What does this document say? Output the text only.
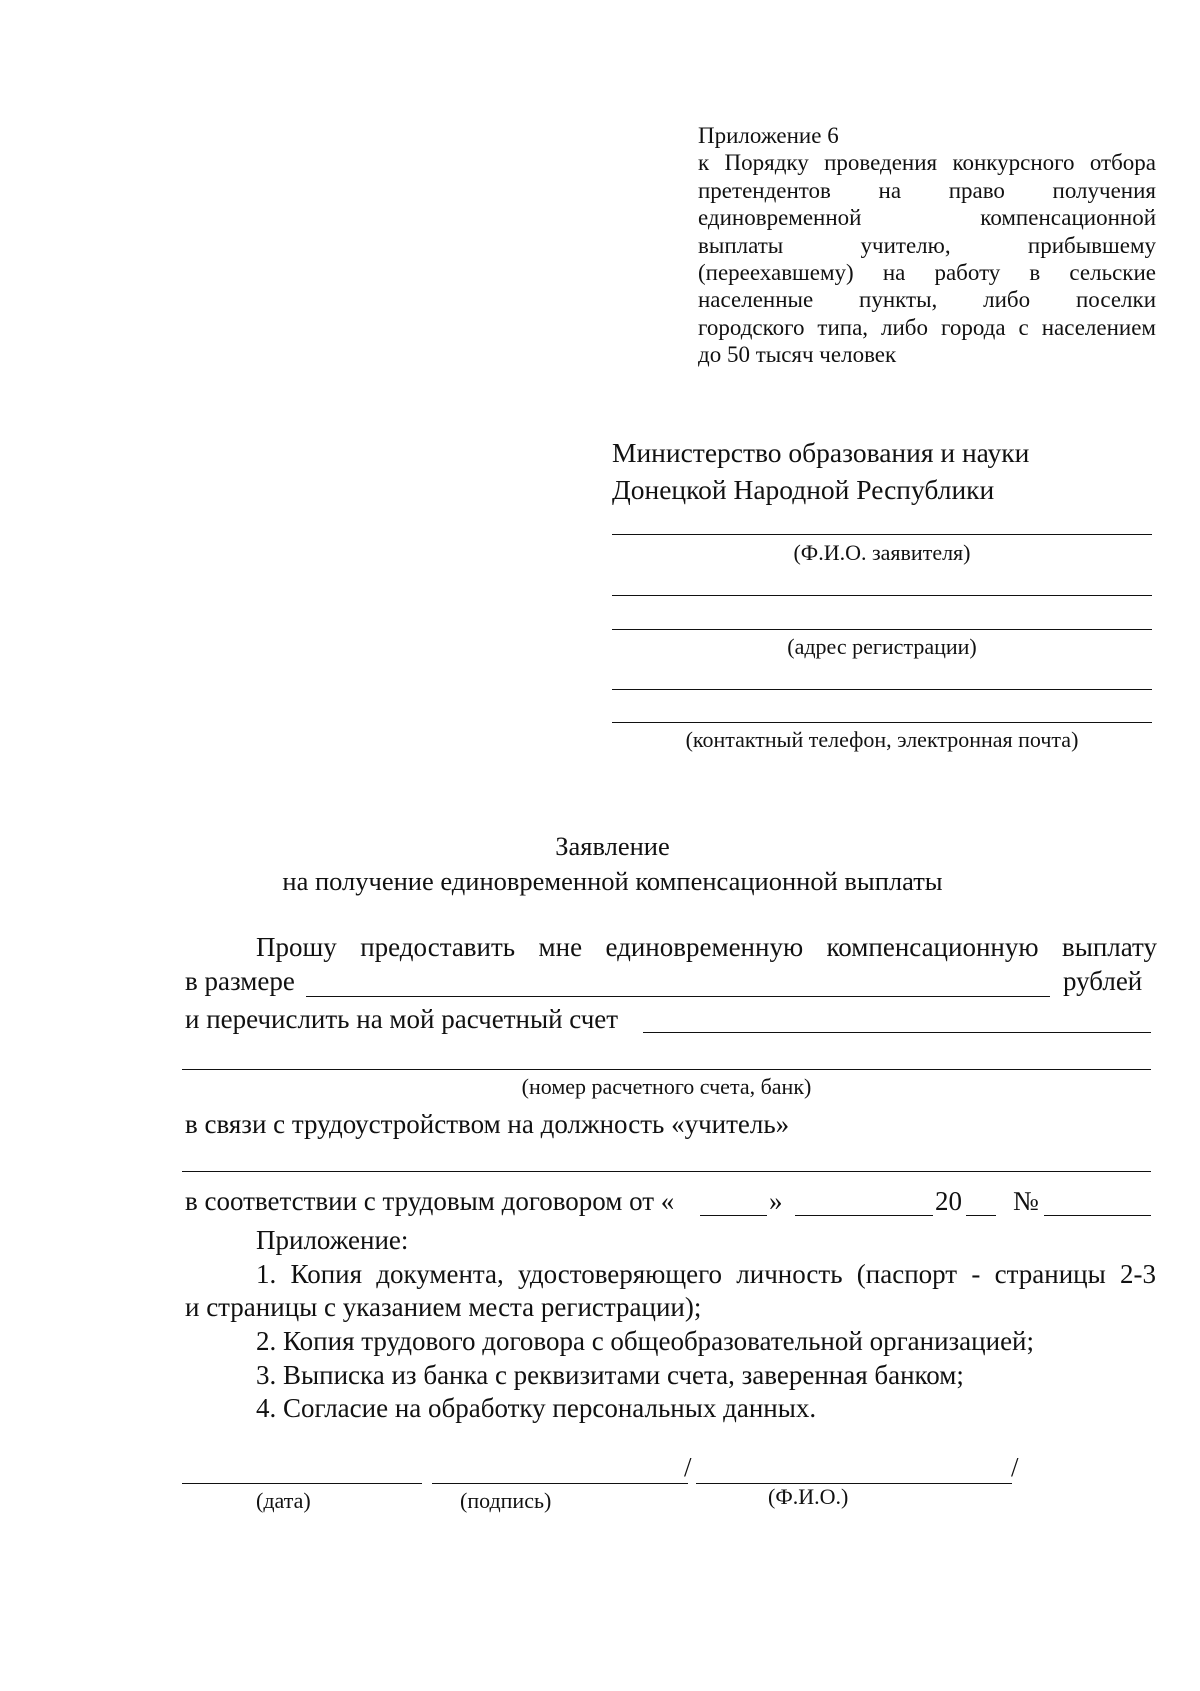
Приложение 6
к Порядку проведения конкурсного отбора
претендентов на право получения
единовременной компенсационной
выплаты учителю, прибывшему
(переехавшему) на работу в сельские
населенные пункты, либо поселки
городского типа, либо города с населением
до 50 тысяч человек
Министерство образования и науки
Донецкой Народной Республики
(Ф.И.О. заявителя)
(адрес регистрации)
(контактный телефон, электронная почта)
Заявление
на получение единовременной компенсационной выплаты
Прошу предоставить мне единовременную компенсационную выплату
в размере	рублей
и перечислить на мой расчетный счет
(номер расчетного счета, банк)
в связи с трудоустройством на должность «учитель»
в соответствии с трудовым договором от «	»	20 №
Приложение:
1. Копия документа, удостоверяющего личность (паспорт - страницы 2-3
и страницы с указанием места регистрации);
2. Копия трудового договора с общеобразовательной организацией;
3. Выписка из банка с реквизитами счета, заверенная банком;
4. Согласие на обработку персональных данных.
/	/
(дата)	(подпись)	(Ф.И.О.)
